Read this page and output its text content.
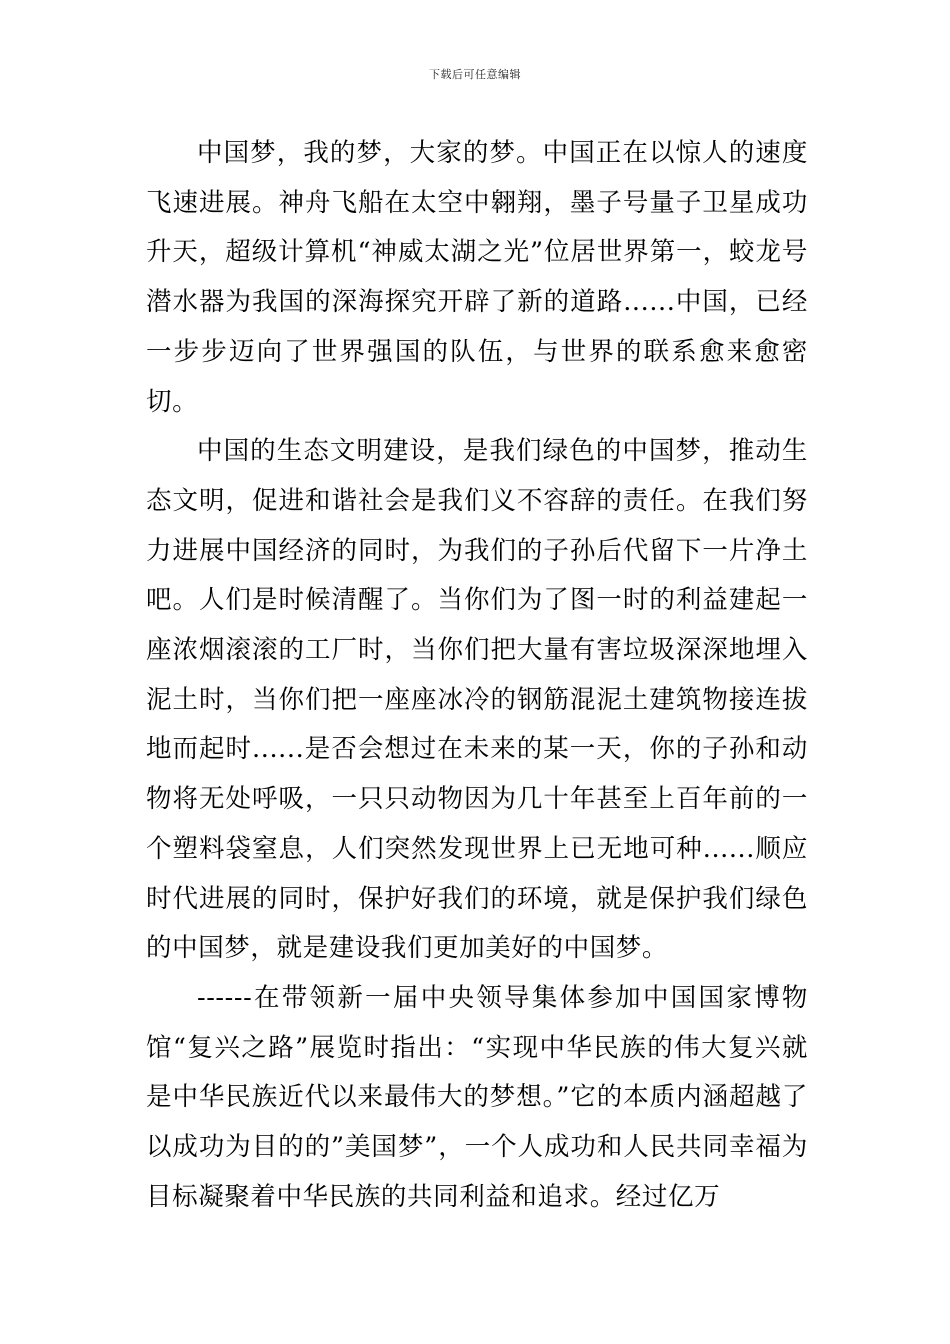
下载后可任意编辑

中国梦，我的梦，大家的梦。中国正在以惊人的速度飞速进展。神舟飞船在太空中翱翔，墨子号量子卫星成功升天，超级计算机“神威太湖之光”位居世界第一，蛟龙号潜水器为我国的深海探究开辟了新的道路......中国，已经一步步迈向了世界强国的队伍，与世界的联系愈来愈密切。

中国的生态文明建设，是我们绿色的中国梦，推动生态文明，促进和谐社会是我们义不容辞的责任。在我们努力进展中国经济的同时，为我们的子孙后代留下一片净土吧。人们是时候清醒了。当你们为了图一时的利益建起一座浓烟滚滚的工厂时，当你们把大量有害垃圾深深地埋入泥土时，当你们把一座座冰冷的钢筋混泥土建筑物接连拔地而起时......是否会想过在未来的某一天，你的子孙和动物将无处呼吸，一只只动物因为几十年甚至上百年前的一个塑料袋窒息，人们突然发现世界上已无地可种......顺应时代进展的同时，保护好我们的环境，就是保护我们绿色的中国梦，就是建设我们更加美好的中国梦。

------在带领新一届中央领导集体参加中国国家博物馆“复兴之路”展览时指出：“实现中华民族的伟大复兴就是中华民族近代以来最伟大的梦想。”它的本质内涵超越了以成功为目的的”美国梦”，一个人成功和人民共同幸福为目标凝聚着中华民族的共同利益和追求。经过亿万
